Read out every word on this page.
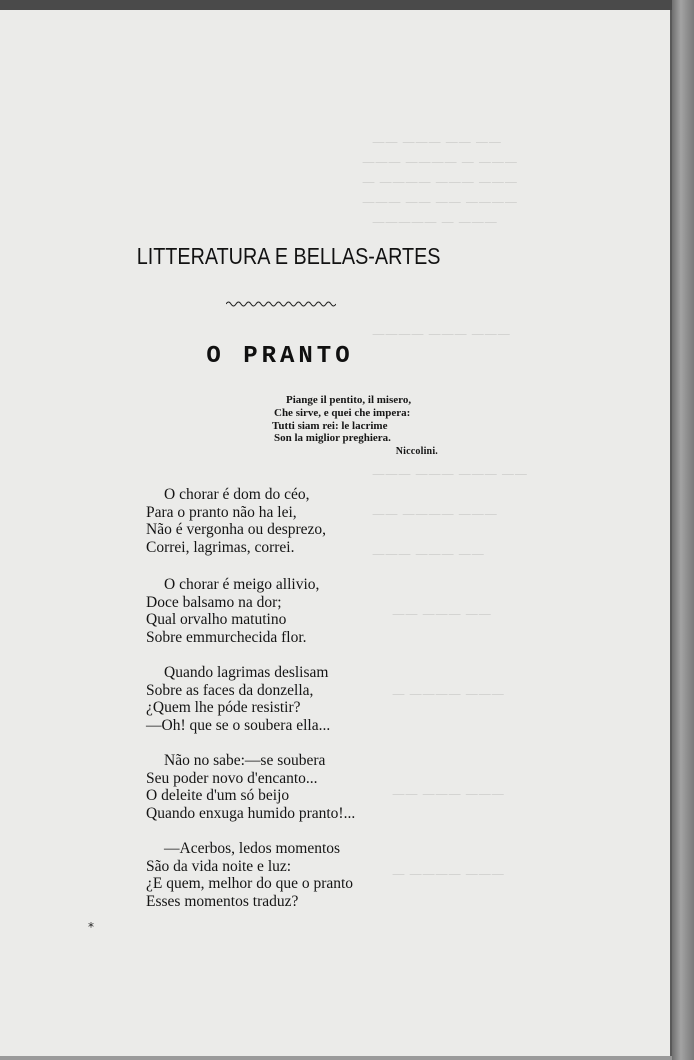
—— —— ——— ——
——— — ———— ———
——— ——— ———— —
———— —— —— ———
——— — —————
——— ——— ————
—— ——— ——— ———
——— ———— ——
—— ——— ———
—— ——— ——
——— ———— —
——— ——— ——
——— ———— —
LITTERATURA E BELLAS-ARTES
O PRANTO
Piange il pentito, il misero,
Che sirve, e quei che impera:
Tutti siam rei: le lacrime
Son la miglior preghiera.
Niccolini.
O chorar é dom do céo,
Para o pranto não ha lei,
Não é vergonha ou desprezo,
Correi, lagrimas, correi.
O chorar é meigo allivio,
Doce balsamo na dor;
Qual orvalho matutino
Sobre emmurchecida flor.
Quando lagrimas deslisam
Sobre as faces da donzella,
¿Quem lhe póde resistir?
—Oh! que se o soubera ella...
Não no sabe:—se soubera
Seu poder novo d'encanto...
O deleite d'um só beijo
Quando enxuga humido pranto!...
—Acerbos, ledos momentos
São da vida noite e luz:
¿E quem, melhor do que o pranto
Esses momentos traduz?
*
